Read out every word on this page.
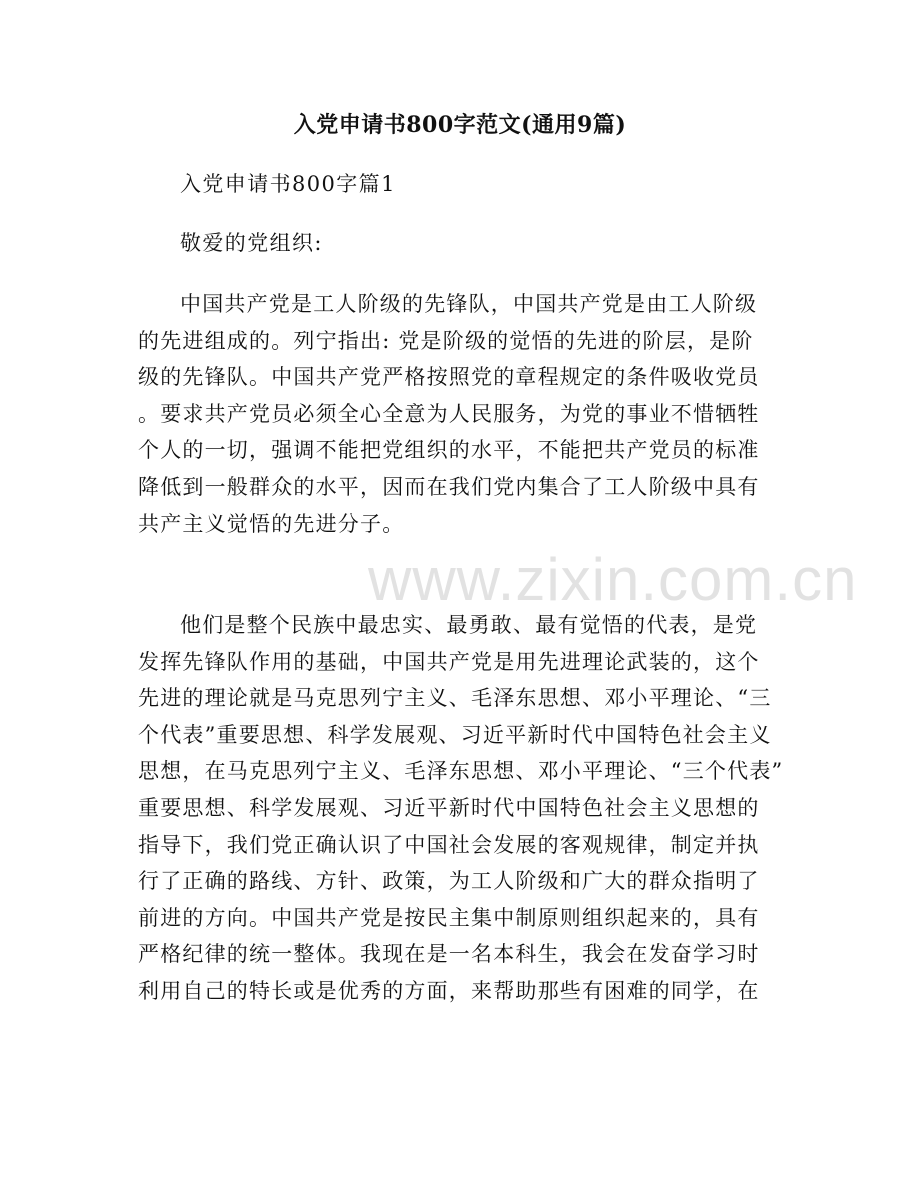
入党申请书800字范文(通用9篇)
入党申请书800字篇1
敬爱的党组织:
中国共产党是工人阶级的先锋队，中国共产党是由工人阶级
的先进组成的。列宁指出: 党是阶级的觉悟的先进的阶层，是阶
级的先锋队。中国共产党严格按照党的章程规定的条件吸收党员
。要求共产党员必须全心全意为人民服务，为党的事业不惜牺牲
个人的一切，强调不能把党组织的水平，不能把共产党员的标准
降低到一般群众的水平，因而在我们党内集合了工人阶级中具有
共产主义觉悟的先进分子。
他们是整个民族中最忠实、最勇敢、最有觉悟的代表，是党
发挥先锋队作用的基础，中国共产党是用先进理论武装的，这个
先进的理论就是马克思列宁主义、毛泽东思想、邓小平理论、“三
个代表”重要思想、科学发展观、习近平新时代中国特色社会主义
思想，在马克思列宁主义、毛泽东思想、邓小平理论、“三个代表”
重要思想、科学发展观、习近平新时代中国特色社会主义思想的
指导下，我们党正确认识了中国社会发展的客观规律，制定并执
行了正确的路线、方针、政策，为工人阶级和广大的群众指明了
前进的方向。中国共产党是按民主集中制原则组织起来的，具有
严格纪律的统一整体。我现在是一名本科生，我会在发奋学习时
利用自己的特长或是优秀的方面，来帮助那些有困难的同学，在
www.zixin.com.cn
